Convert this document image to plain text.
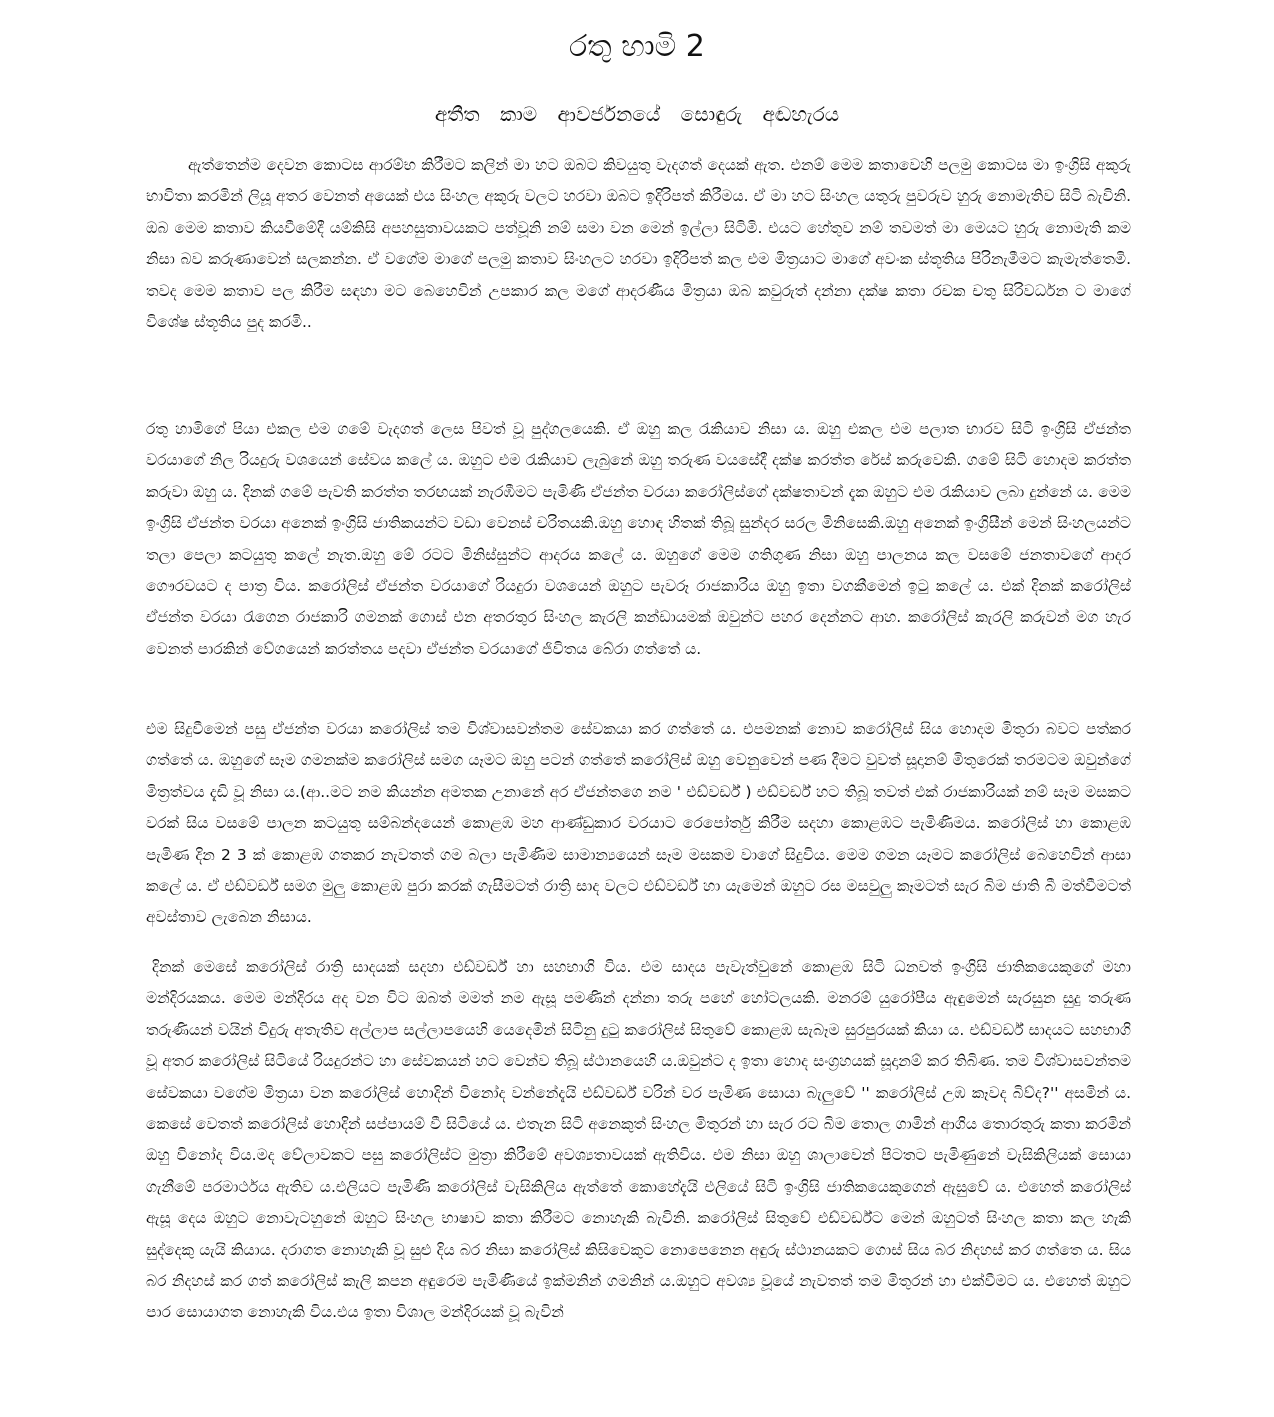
රතු හාමි 2
අතීත කාම ආවර්ජනයේ සොඳුරු අඬහැරය

ඇත්තෙන්ම දෙවන කොටස ආරම්භ කිරීමට කලින් මා හට ඔබට කිවයුතු වැදගත් දෙයක් ඇත. එනම් මෙම කතාවෙහි පලමු කොටස මා ඉංග්‍රිසි අකුරු භාවිතා කරමින් ලියූ අතර වෙනත් අයෙක් එය සිංහල අකුරු වලට හරවා ඔබට ඉදිරිපත් කිරීමය. ඒ මා හට සිංහල යතුරු පුවරුව හුරු නොමැතිව සිටි බැවිනි. ඔබ මෙම කතාව කියවීමේදී යම්කිසි අපහසුතාවයකට පත්වූනි නම් සමා වන මෙන් ඉල්ලා සිටිමි. එයට හේතුව නම් තවමත් මා මෙයට හුරු නොමැති කම නිසා බව කරුණාවෙන් සලකන්න. ඒ වගේම මාගේ පලමු කතාව සිංහලට හරවා ඉදිරිපත් කල එම මිත්‍රයාට මාගේ අවංක ස්තූතිය පිරිනැමීමට කැමැත්තෙමි. තවද මෙම කතාව පල කිරීම සඳහා මට බෙහෙවින් උපකාර කල මගේ ආදරණීය මිත්‍රයා ඔබ කවුරුත් දන්නා දක්ෂ කතා රචක චතු සිරිවර්ධන ට මාගේ විශේෂ ස්තූතිය පුද කරමි..

රතු හාමිගේ පියා එකල එම ගමේ වැදගත් ලෙස පිවත් වූ පුද්ගලයෙකි. ඒ ඔහු කල රැකියාව නිසා ය. ඔහු එකල එම පලාත භාරව සිටි ඉංග්‍රිසි ඒජන්ත වරයාගේ නිල රියදුරු වශයෙන් සේවය කලේ ය. ඔහුට එම රැකියාව ලැබුනේ ඔහු තරුණ වයසේදී දක්ෂ කරත්ත රේස් කරුවෙකි. ගමේ සිටි හොදම කරත්ත කරුවා ඔහු ය. දිනක් ගමේ පැවති කරත්ත තරඟයක් නැරඹීමට පැමිණි ඒජන්ත වරයා කරෝලිස්ගේ දක්ෂතාවන් දැක ඔහුට එම රැකියාව ලබා දුන්නේ ය. මෙම ඉංග්‍රිසි ඒජන්ත වරයා අනෙක් ඉංග්‍රිසි ජාතිකයන්ට වඩා වෙනස් චරිතයකි.ඔහු හොඳ හිතක් තිබූ සුන්දර සරල මිනිසෙකි.ඔහු අනෙක් ඉංග්‍රිසීන් මෙන් සිංහලයන්ට තලා පෙලා කටයුතු කලේ නැත.ඔහු මේ රටට මිනිස්සුන්ට ආදරය කලේ ය. ඔහුගේ මෙම ගතිගුණ නිසා ඔහු පාලනය කල වසමේ ජනතාවගේ ආදර ගෞරවයට ද පාත්‍ර විය. කරෝලිස් ඒජන්ත වරයාගේ රියදුරා වශයෙන් ඔහුට පැවරූ රාජකාරිය ඔහු ඉතා වගකීමෙන් ඉටු කලේ ය. එක් දිනක් කරෝලිස් ඒජන්ත වරයා රැගෙන රාජකාරි ගමනක් ගොස් එන අතරතුර සිංහල කැරලි කන්ඩායමක් ඔවුන්ට පහර දෙන්නට ආහ. කරෝලිස් කැරලි කරුවන් මග හැර වෙනත් පාරකින් වේගයෙන් කරත්තය පදවා ඒජන්ත වරයාගේ ජිවිතය බේරා ගත්තේ ය.

එම සිදුවීමෙන් පසු ඒජන්ත වරයා කරෝලිස් තම විශ්වාසවන්තම සේවකයා කර ගත්තේ ය. එපමනක් නොව කරෝලිස් සිය හොදම මිතුරා බවට පත්කර ගත්තේ ය. ඔහුගේ සෑම ගමනක්ම කරෝලිස් සමග යෑමට ඔහු පටන් ගත්තේ කරෝලිස් ඔහු වෙනුවෙන් පණ දීමට වුවත් සූදානම් මිතුරෙක් තරමටම ඔවුන්ගේ මිත්‍රත්වය දැඩි වූ නිසා ය.(ආ..මට නම කියන්න අමතක උනානේ අර ඒජන්තගෙ නම ' එඩ්වර්ඩ් ) එඩ්වර්ඩ් හට තිබූ තවත් එක් රාජකාරියක් නම් සෑම මසකට වරක් සිය වසමේ පාලන කටයුතු සම්බන්දයෙන් කොළඹ මහ ආණ්ඩුකාර වරයාට රෙපෝර්තු කිරීම සදහා කොළඹට පැමිණිමය. කරෝලිස් හා කොළඹ පැමිණ දින 2 3 ක් කොළඹ ගතකර නැවතත් ගම බලා පැමිණිම සාමාන්‍යයෙන් සෑම මසකම වාගේ සිදුවිය. මෙම ගමන යෑමට කරෝලිස් බෙහෙවින් ආසා කලේ ය. ඒ එඩ්වර්ඩ් සමග මුලු කොළඹ පුරා කරක් ගැසීමටත් රාත්‍රි සාද වලට එඩ්වර්ඩ් හා යැමෙන් ඔහුට රස මසවුලු කෑමටත් සැර බිම ජාති බී මත්වීමටත් අවස්තාව ලැබෙන නිසාය.

දිනක් මෙසේ කරෝලිස් රාත්‍රි සාදයක් සදහා එඩ්වර්ඩ් හා සහභාගි විය. එම සාදය පැවැත්වුනේ කොළඹ සිටි ධනවත් ඉංග්‍රිසි ජාතිකයෙකුගේ මහා මන්දිරයකය. මෙම මන්දිරය අද වන විට ඔබත් මමත් නම ඇසූ පමණින් දන්නා තරු පහේ හෝටලයකි. මනරම් යුරෝපීය ඇඳුමෙන් සැරසුන සුදු තරුණ තරුණියන් වයින් විදුරු අතැතිව අල්ලාප සල්ලාපයෙහි යෙදෙමින් සිටිනු දුටු කරෝලිස් සිතුවේ කොළඹ සැබෑම සුරපුරයක් කියා ය. එඩ්වර්ඩ් සාදයට සහභාගි වූ අතර කරෝලිස් සිටියේ රියදුරන්ට හා සේවකයන් හට වෙන්ව තිබූ ස්ථානයෙහි ය.ඔවුන්ට ද ඉතා හොද සංග්‍රහයක් සූදානම් කර තිබිණ. තම විශ්වාසවන්තම සේවකයා වගේම මිත්‍රයා වන කරෝලිස් හොදින් විනෝද වන්නේදැයි එඩ්වර්ඩ් වරින් වර පැමිණ සොයා බැලුවේ '' කරෝලිස් උඹ කෑවද බිව්ද?'' අසමින් ය. කෙසේ වෙතත් කරෝලිස් හොදින් සප්පායම් වී සිටියේ ය. එතැන සිටි අනෙකුත් සිංහල මිතුරන් හා සැර රට බිම තොල ගාමින් ආගිය තොරතුරු කතා කරමින් ඔහු විනෝද විය.මද වේලාවකට පසු කරෝලිස්ට මුත්‍රා කිරීමේ අවශ්‍යතාවයක් ඇතිවිය. එම නිසා ඔහු ශාලාවෙන් පිටතට පැමිණුනේ වැසිකිලියක් සොයා ගැනීමේ පරමාර්ථය ඇතිව ය.එලියට පැමිණි කරෝලිස් වැසිකිලිය ඇත්තේ කොහේදැයි එලියේ සිටි ඉංග්‍රිසි ජාතිකයෙකුගෙන් ඇසුවේ ය. එහෙත් කරෝලිස් ඇසූ දෙය ඔහුට නොවැටහුනේ ඔහුට සිංහල භාෂාව කතා කිරීමට නොහැකි බැවිනි. කරෝලිස් සිතුවේ එඩ්වර්ඩ්ට මෙන් ඔහුටත් සිංහල කතා කල හැකි සුද්දෙකු යැයි කියාය. දරාගත නොහැකි වූ සුළු දිය බර නිසා කරෝලිස් කිසිවෙකුට නොපෙනෙන අඳුරු ස්ථානයකට ගොස් සිය බර නිදහස් කර ගත්තෙ ය. සිය බර නිදහස් කර ගත් කරෝලිස් කැලි කපන අඳුරෙම පැමිණියේ ඉක්මනින් ගමනින් ය.ඔහුට අවශ්‍ය වූයේ නැවතත් තම මිතුරන් හා එක්වීමට ය. එහෙත් ඔහුට පාර සොයාගත නොහැකි විය.එය ඉතා විශාල මන්දිරයක් වූ බැවින්
